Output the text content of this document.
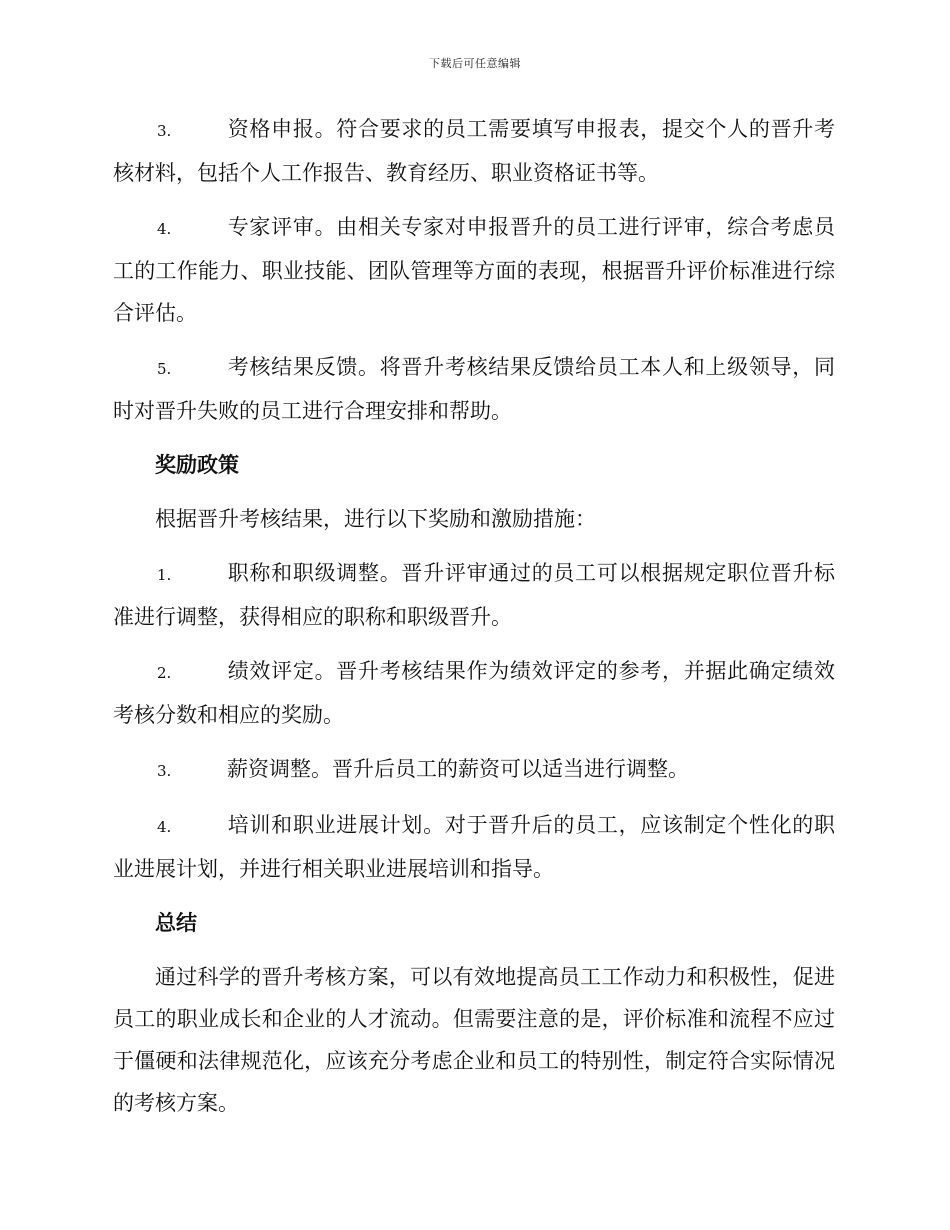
下载后可任意编辑

3.	资格申报。符合要求的员工需要填写申报表，提交个人的晋升考核材料，包括个人工作报告、教育经历、职业资格证书等。

4.	专家评审。由相关专家对申报晋升的员工进行评审，综合考虑员工的工作能力、职业技能、团队管理等方面的表现，根据晋升评价标准进行综合评估。

5.	考核结果反馈。将晋升考核结果反馈给员工本人和上级领导，同时对晋升失败的员工进行合理安排和帮助。

奖励政策

根据晋升考核结果，进行以下奖励和激励措施：

1.	职称和职级调整。晋升评审通过的员工可以根据规定职位晋升标准进行调整，获得相应的职称和职级晋升。

2.	绩效评定。晋升考核结果作为绩效评定的参考，并据此确定绩效考核分数和相应的奖励。

3.	薪资调整。晋升后员工的薪资可以适当进行调整。

4.	培训和职业进展计划。对于晋升后的员工，应该制定个性化的职业进展计划，并进行相关职业进展培训和指导。

总结

通过科学的晋升考核方案，可以有效地提高员工工作动力和积极性，促进员工的职业成长和企业的人才流动。但需要注意的是，评价标准和流程不应过于僵硬和法律规范化，应该充分考虑企业和员工的特别性，制定符合实际情况的考核方案。
